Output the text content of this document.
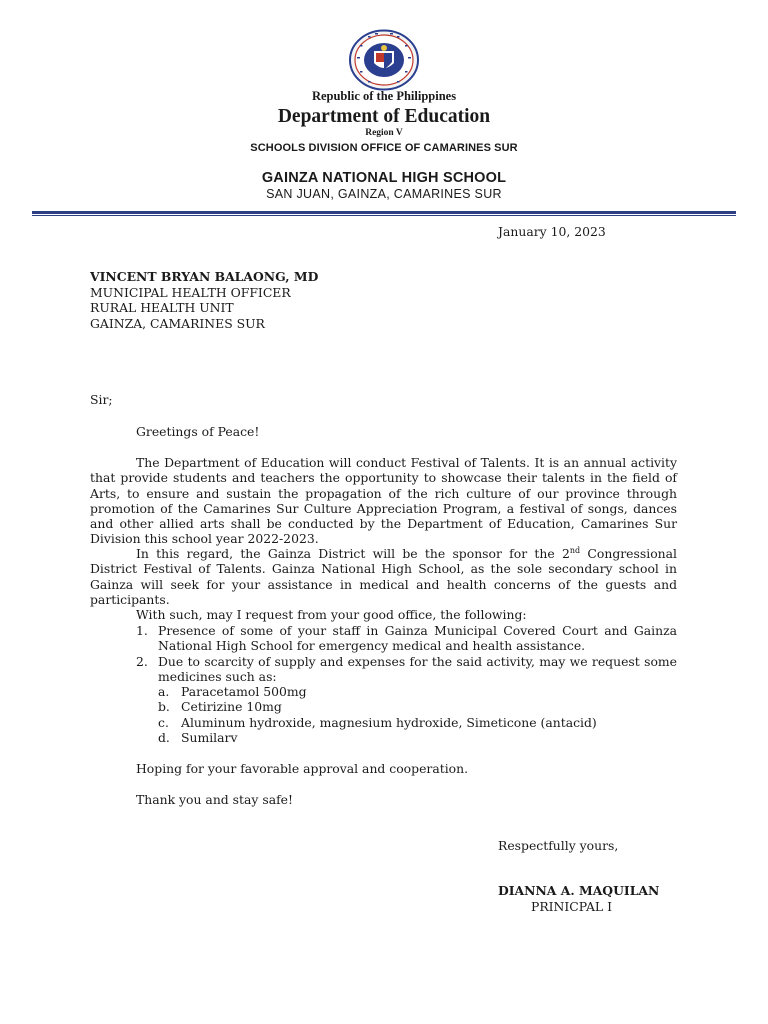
Republic of the Philippines
Department of Education
Region V
SCHOOLS DIVISION OFFICE OF CAMARINES SUR
GAINZA NATIONAL HIGH SCHOOL
SAN JUAN, GAINZA, CAMARINES SUR
January 10, 2023
VINCENT BRYAN BALAONG, MD
MUNICIPAL HEALTH OFFICER
RURAL HEALTH UNIT
GAINZA, CAMARINES SUR
Sir;
Greetings of Peace!
The Department of Education will conduct Festival of Talents. It is an annual activity that provide students and teachers the opportunity to showcase their talents in the field of Arts, to ensure and sustain the propagation of the rich culture of our province through promotion of the Camarines Sur Culture Appreciation Program, a festival of songs, dances and other allied arts shall be conducted by the Department of Education, Camarines Sur Division this school year 2022-2023.
In this regard, the Gainza District will be the sponsor for the 2nd Congressional District Festival of Talents. Gainza National High School, as the sole secondary school in Gainza will seek for your assistance in medical and health concerns of the guests and participants.
With such, may I request from your good office, the following:
1. Presence of some of your staff in Gainza Municipal Covered Court and Gainza National High School for emergency medical and health assistance.
2. Due to scarcity of supply and expenses for the said activity, may we request some medicines such as:
a. Paracetamol 500mg
b. Cetirizine 10mg
c. Aluminum hydroxide, magnesium hydroxide, Simeticone (antacid)
d. Sumilarv
Hoping for your favorable approval and cooperation.
Thank you and stay safe!
Respectfully yours,
DIANNA A. MAQUILAN
PRINICPAL I
